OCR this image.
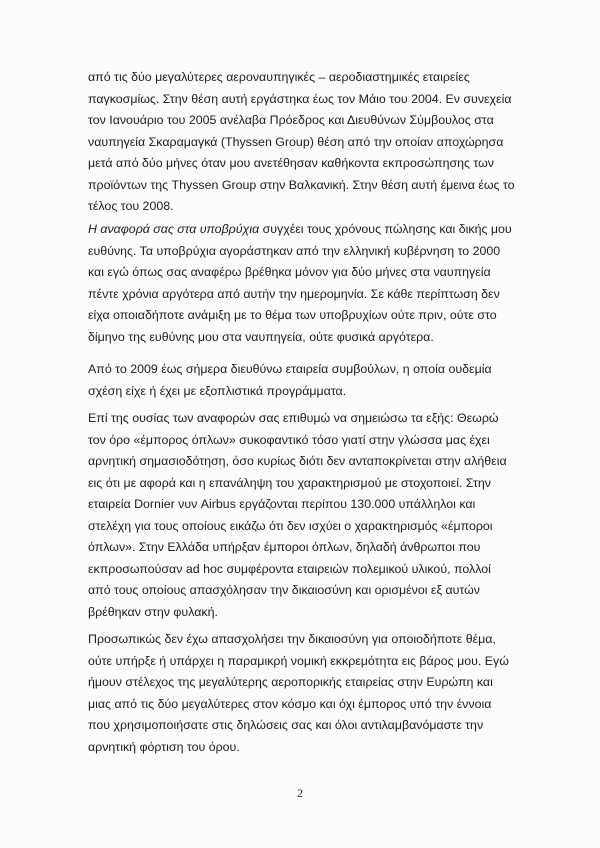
από τις δύο μεγαλύτερες αεροναυπηγικές – αεροδιαστημικές εταιρείες
παγκοσμίως. Στην θέση αυτή εργάστηκα έως τον Μάιο του 2004. Εν συνεχεία
τον Ιανουάριο του 2005 ανέλαβα Πρόεδρος και Διευθύνων Σύμβουλος στα
ναυπηγεία Σκαραμαγκά (Thyssen Group) θέση από την οποίαν αποχώρησα
μετά από δύο μήνες όταν μου ανετέθησαν καθήκοντα εκπροσώπησης των
προϊόντων της Thyssen Group στην Βαλκανική. Στην θέση αυτή έμεινα έως το
τέλος του 2008.
Η αναφορά σας στα υποβρύχια συγχέει τους χρόνους πώλησης και δικής μου
ευθύνης. Τα υποβρύχια αγοράστηκαν από την ελληνική κυβέρνηση το 2000
και εγώ όπως σας αναφέρω βρέθηκα μόνον για δύο μήνες στα ναυπηγεία
πέντε χρόνια αργότερα από αυτήν την ημερομηνία. Σε κάθε περίπτωση δεν
είχα οποιαδήποτε ανάμιξη με το θέμα των υποβρυχίων ούτε πριν, ούτε στο
δίμηνο της ευθύνης μου στα ναυπηγεία, ούτε φυσικά αργότερα.
Από το 2009 έως σήμερα διευθύνω εταιρεία συμβούλων, η οποία ουδεμία
σχέση είχε ή έχει με εξοπλιστικά προγράμματα.
Επί της ουσίας των αναφορών σας επιθυμώ να σημειώσω τα εξής: Θεωρώ
τον όρο «έμπορος όπλων» συκοφαντικό τόσο γιατί στην γλώσσα μας έχει
αρνητική σημασιοδότηση, όσο κυρίως διότι δεν ανταποκρίνεται στην αλήθεια
εις ότι με αφορά και η επανάληψη του χαρακτηρισμού με στοχοποιεί. Στην
εταιρεία Dornier νυν Airbus εργάζονται περίπου 130.000 υπάλληλοι και
στελέχη για τους οποίους εικάζω ότι δεν ισχύει ο χαρακτηρισμός «έμποροι
όπλων». Στην Ελλάδα υπήρξαν έμποροι όπλων, δηλαδή άνθρωποι που
εκπροσωπούσαν ad hoc συμφέροντα εταιρειών πολεμικού υλικού, πολλοί
από τους οποίους απασχόλησαν την δικαιοσύνη και ορισμένοι εξ αυτών
βρέθηκαν στην φυλακή.
Προσωπικώς δεν έχω απασχολήσει την δικαιοσύνη για οποιοδήποτε θέμα,
ούτε υπήρξε ή υπάρχει η παραμικρή νομική εκκρεμότητα εις βάρος μου. Εγώ
ήμουν στέλεχος της μεγαλύτερης αεροπορικής εταιρείας στην Ευρώπη και
μιας από τις δύο μεγαλύτερες στον κόσμο και όχι έμπορος υπό την έννοια
που χρησιμοποιήσατε στις δηλώσεις σας και όλοι αντιλαμβανόμαστε την
αρνητική φόρτιση του όρου.
2
